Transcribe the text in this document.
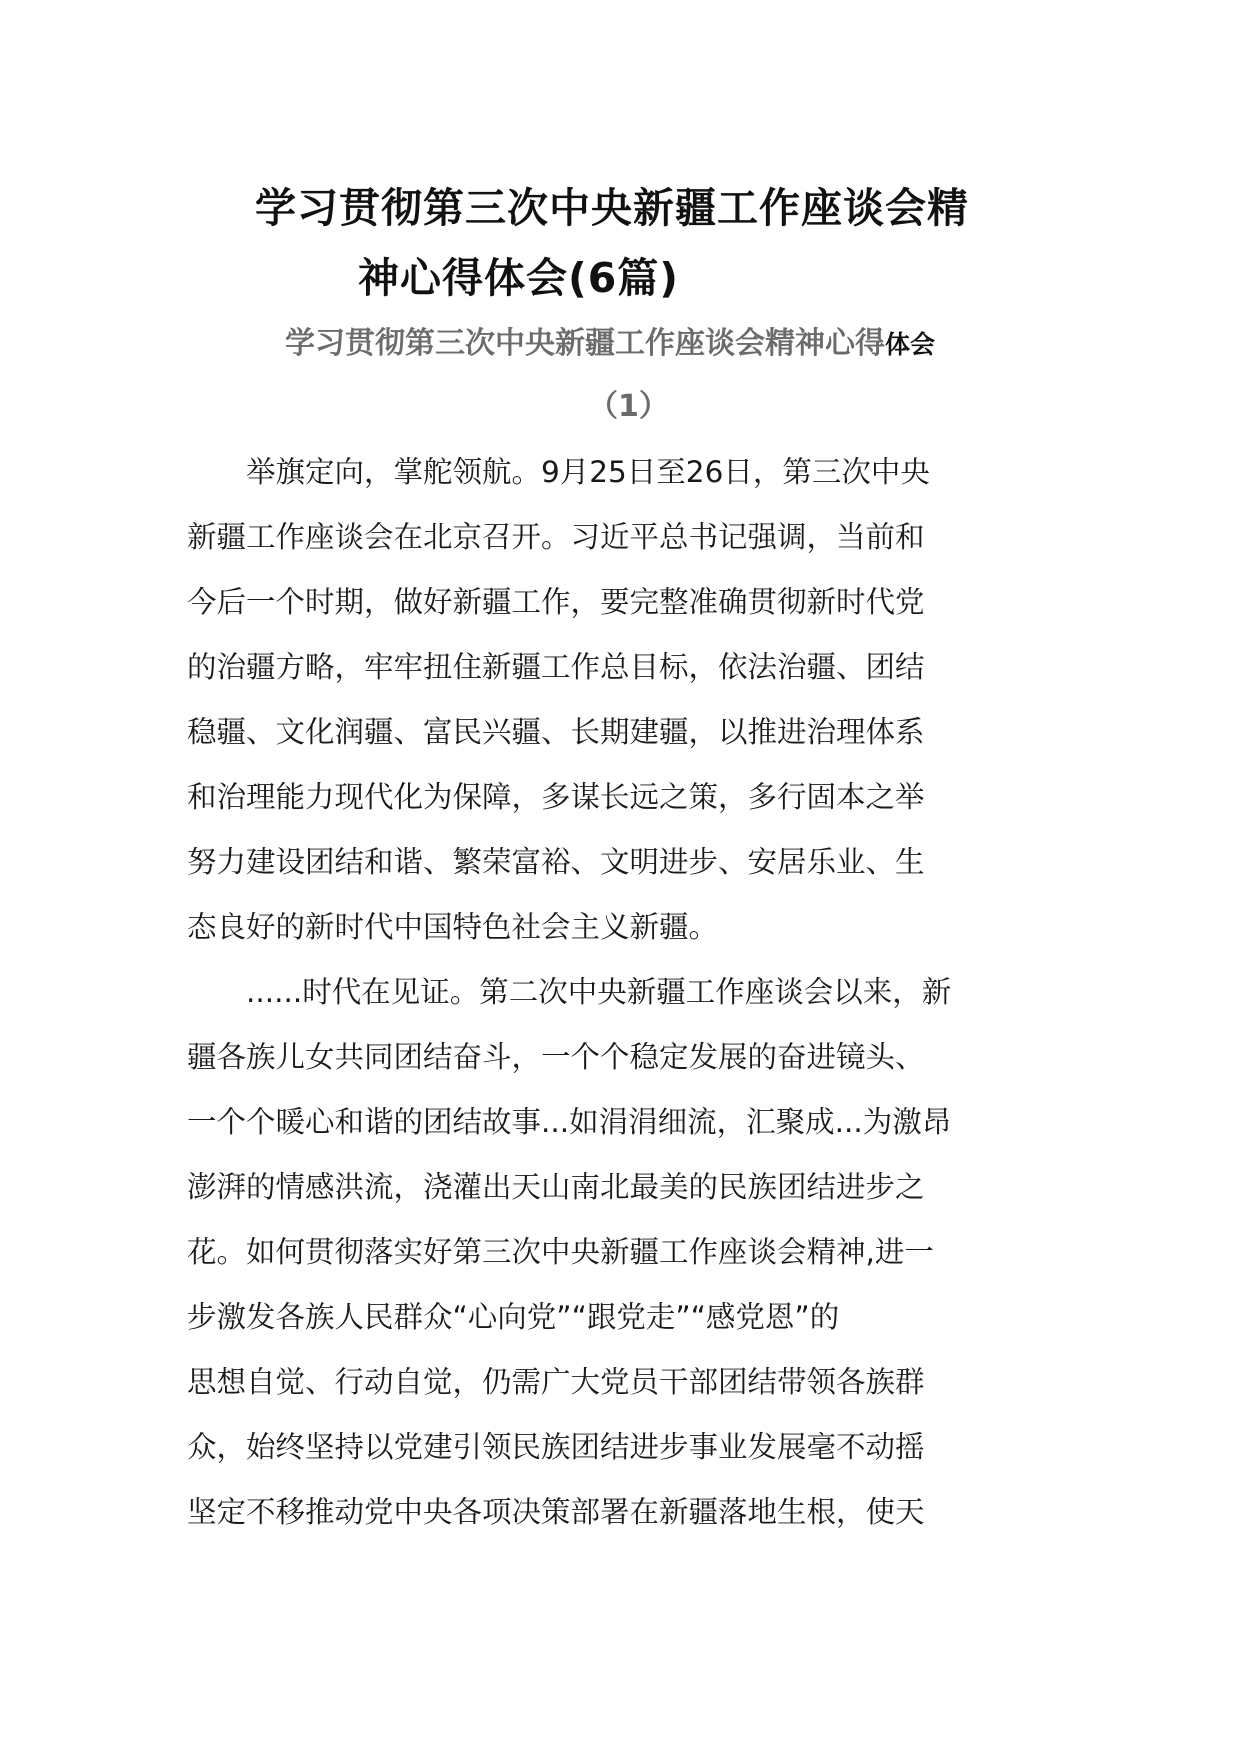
学习贯彻第三次中央新疆工作座谈会精
神心得体会(6篇)
学习贯彻第三次中央新疆工作座谈会精神心得体会
（1）
　　举旗定向，掌舵领航。9月25日至26日，第三次中央
新疆工作座谈会在北京召开。习近平总书记强调，当前和
今后一个时期，做好新疆工作，要完整准确贯彻新时代党
的治疆方略，牢牢扭住新疆工作总目标，依法治疆、团结
稳疆、文化润疆、富民兴疆、长期建疆，以推进治理体系
和治理能力现代化为保障，多谋长远之策，多行固本之举
努力建设团结和谐、繁荣富裕、文明进步、安居乐业、生
态良好的新时代中国特色社会主义新疆。
　　......时代在见证。第二次中央新疆工作座谈会以来，新
疆各族儿女共同团结奋斗，一个个稳定发展的奋进镜头、
一个个暖心和谐的团结故事...如涓涓细流，汇聚成...为激昂
澎湃的情感洪流，浇灌出天山南北最美的民族团结进步之
花。如何贯彻落实好第三次中央新疆工作座谈会精神,进一
步激发各族人民群众“心向党”“跟党走”“感党恩”的
思想自觉、行动自觉，仍需广大党员干部团结带领各族群
众，始终坚持以党建引领民族团结进步事业发展毫不动摇
坚定不移推动党中央各项决策部署在新疆落地生根，使天
